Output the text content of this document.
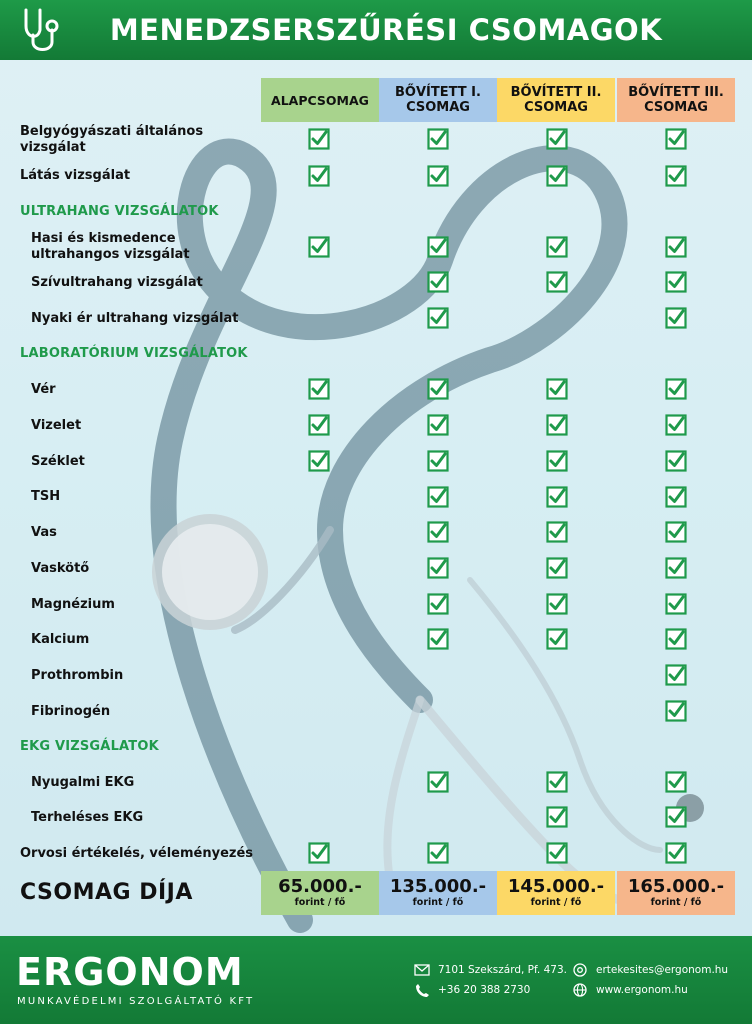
MENEDZSERSZŰRÉSI CSOMAGOK
ALAPCSOMAG	BŐVÍTETT I. CSOMAG
BŐVÍTETT II. CSOMAG
BŐVÍTETT III. CSOMAG
Belgyógyászati általános vizsgálat
Látás vizsgálat
ULTRAHANG VIZSGÁLATOK
Hasi és kismedence ultrahangos vizsgálat
Szívultrahang vizsgálat
Nyaki ér ultrahang vizsgálat
LABORATÓRIUM VIZSGÁLATOK
Vér
Vizelet
Széklet
TSH
Vas
Vaskötő
Magnézium
Kalcium
Prothrombin
Fibrinogén
EKG VIZSGÁLATOK
Nyugalmi EKG
Terheléses EKG
Orvosi értékelés, véleményezés
CSOMAG DÍJA	65.000.-
forint / fő
135.000.-
forint / fő
145.000.-
forint / fő
165.000.-
forint / fő
ERGONOM
MUNKAVÉDELMI SZOLGÁLTATÓ KFT
7101 Szekszárd, Pf. 473.
+36 20 388 2730
ertekesites@ergonom.hu
www.ergonom.hu
